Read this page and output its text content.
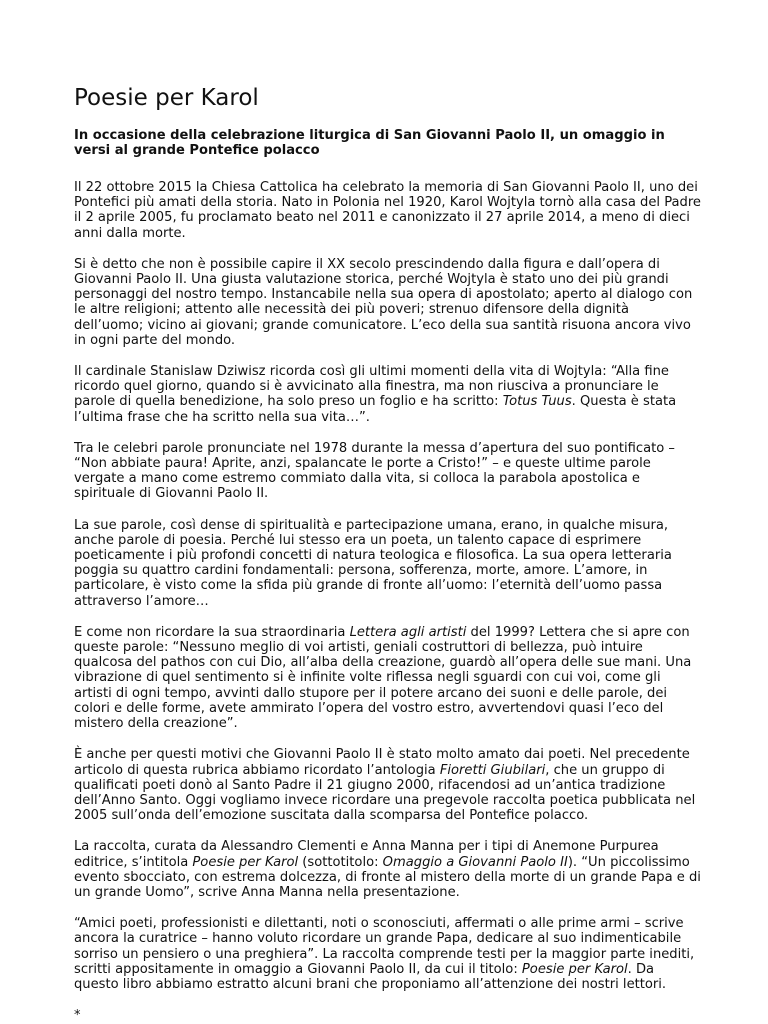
Poesie per Karol

In occasione della celebrazione liturgica di San Giovanni Paolo II, un omaggio in versi al grande Pontefice polacco

Il 22 ottobre 2015 la Chiesa Cattolica ha celebrato la memoria di San Giovanni Paolo II, uno dei Pontefici più amati della storia. Nato in Polonia nel 1920, Karol Wojtyla tornò alla casa del Padre il 2 aprile 2005, fu proclamato beato nel 2011 e canonizzato il 27 aprile 2014, a meno di dieci anni dalla morte.

Si è detto che non è possibile capire il XX secolo prescindendo dalla figura e dall’opera di Giovanni Paolo II. Una giusta valutazione storica, perché Wojtyla è stato uno dei più grandi personaggi del nostro tempo. Instancabile nella sua opera di apostolato; aperto al dialogo con le altre religioni; attento alle necessità dei più poveri; strenuo difensore della dignità dell’uomo; vicino ai giovani; grande comunicatore. L’eco della sua santità risuona ancora vivo in ogni parte del mondo.

Il cardinale Stanislaw Dziwisz ricorda così gli ultimi momenti della vita di Wojtyla: “Alla fine ricordo quel giorno, quando si è avvicinato alla finestra, ma non riusciva a pronunciare le parole di quella benedizione, ha solo preso un foglio e ha scritto: Totus Tuus. Questa è stata l’ultima frase che ha scritto nella sua vita…”.

Tra le celebri parole pronunciate nel 1978 durante la messa d’apertura del suo pontificato – “Non abbiate paura! Aprite, anzi, spalancate le porte a Cristo!” – e queste ultime parole vergate a mano come estremo commiato dalla vita, si colloca la parabola apostolica e spirituale di Giovanni Paolo II.

La sue parole, così dense di spiritualità e partecipazione umana, erano, in qualche misura, anche parole di poesia. Perché lui stesso era un poeta, un talento capace di esprimere poeticamente i più profondi concetti di natura teologica e filosofica. La sua opera letteraria poggia su quattro cardini fondamentali: persona, sofferenza, morte, amore. L’amore, in particolare, è visto come la sfida più grande di fronte all’uomo: l’eternità dell’uomo passa attraverso l’amore…

E come non ricordare la sua straordinaria Lettera agli artisti del 1999? Lettera che si apre con queste parole: “Nessuno meglio di voi artisti, geniali costruttori di bellezza, può intuire qualcosa del pathos con cui Dio, all’alba della creazione, guardò all’opera delle sue mani. Una vibrazione di quel sentimento si è infinite volte riflessa negli sguardi con cui voi, come gli artisti di ogni tempo, avvinti dallo stupore per il potere arcano dei suoni e delle parole, dei colori e delle forme, avete ammirato l’opera del vostro estro, avvertendovi quasi l’eco del mistero della creazione”.

È anche per questi motivi che Giovanni Paolo II è stato molto amato dai poeti. Nel precedente articolo di questa rubrica abbiamo ricordato l’antologia Fioretti Giubilari, che un gruppo di qualificati poeti donò al Santo Padre il 21 giugno 2000, rifacendosi ad un’antica tradizione dell’Anno Santo. Oggi vogliamo invece ricordare una pregevole raccolta poetica pubblicata nel 2005 sull’onda dell’emozione suscitata dalla scomparsa del Pontefice polacco.

La raccolta, curata da Alessandro Clementi e Anna Manna per i tipi di Anemone Purpurea editrice, s’intitola Poesie per Karol (sottotitolo: Omaggio a Giovanni Paolo II). “Un piccolissimo evento sbocciato, con estrema dolcezza, di fronte al mistero della morte di un grande Papa e di un grande Uomo”, scrive Anna Manna nella presentazione.

“Amici poeti, professionisti e dilettanti, noti o sconosciuti, affermati o alle prime armi – scrive ancora la curatrice – hanno voluto ricordare un grande Papa, dedicare al suo indimenticabile sorriso un pensiero o una preghiera”. La raccolta comprende testi per la maggior parte inediti, scritti appositamente in omaggio a Giovanni Paolo II, da cui il titolo: Poesie per Karol. Da questo libro abbiamo estratto alcuni brani che proponiamo all’attenzione dei nostri lettori.

*
